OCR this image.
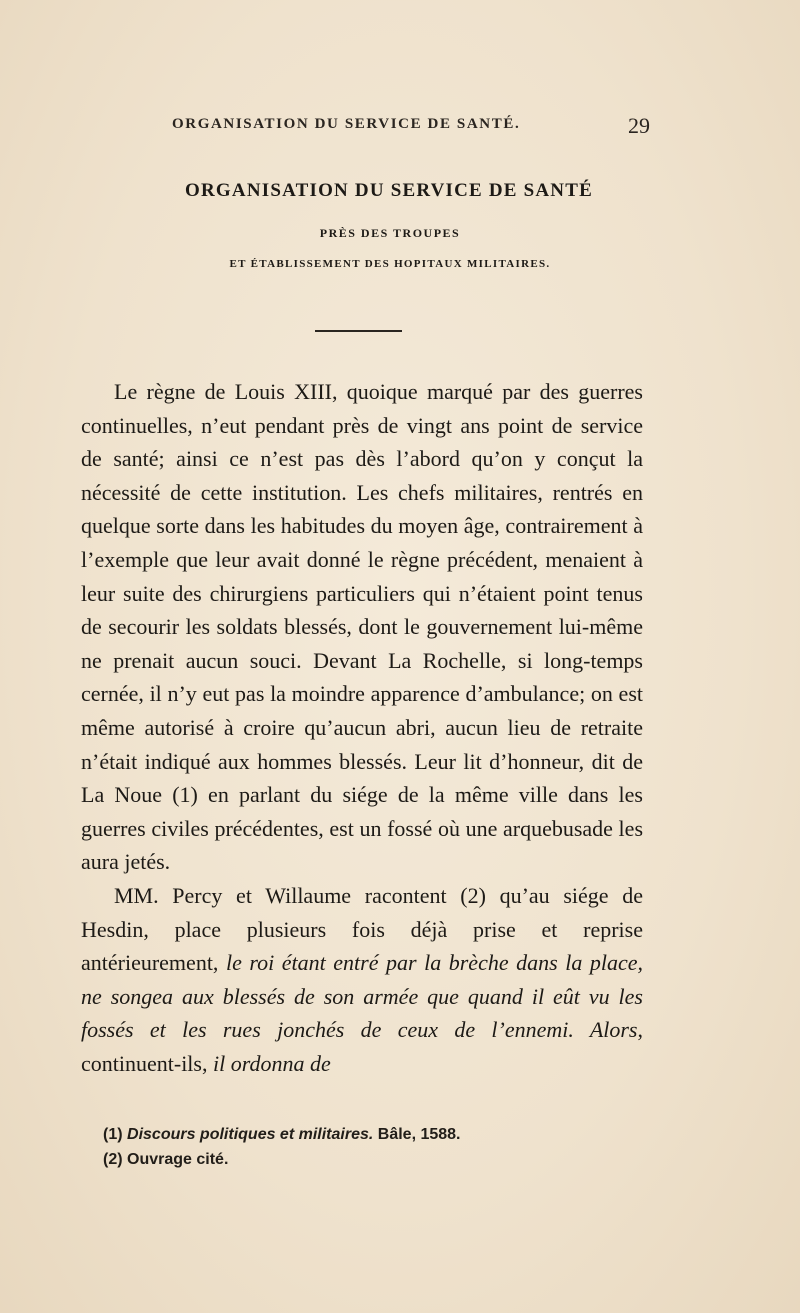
ORGANISATION DU SERVICE DE SANTÉ.	29
ORGANISATION DU SERVICE DE SANTÉ
PRÈS DES TROUPES
ET ÉTABLISSEMENT DES HOPITAUX MILITAIRES.

Le règne de Louis XIII, quoique marqué par des guerres continuelles, n’eut pendant près de vingt ans point de service de santé; ainsi ce n’est pas dès l’abord qu’on y conçut la nécessité de cette institution. Les chefs militaires, rentrés en quelque sorte dans les habitudes du moyen âge, contrairement à l’exemple que leur avait donné le règne précédent, menaient à leur suite des chirurgiens particuliers qui n’étaient point tenus de secourir les soldats blessés, dont le gouvernement lui-même ne prenait aucun souci. Devant La Rochelle, si long-temps cernée, il n’y eut pas la moindre apparence d’ambulance; on est même autorisé à croire qu’aucun abri, aucun lieu de retraite n’était indiqué aux hommes blessés. Leur lit d’honneur, dit de La Noue (1) en parlant du siége de la même ville dans les guerres civiles précédentes, est un fossé où une arquebusade les aura jetés.

MM. Percy et Willaume racontent (2) qu’au siége de Hesdin, place plusieurs fois déjà prise et reprise antérieurement, le roi étant entré par la brèche dans la place, ne songea aux blessés de son armée que quand il eût vu les fossés et les rues jonchés de ceux de l’ennemi. Alors, continuent-ils, il ordonna de

(1) Discours politiques et militaires. Bâle, 1588.
(2) Ouvrage cité.
